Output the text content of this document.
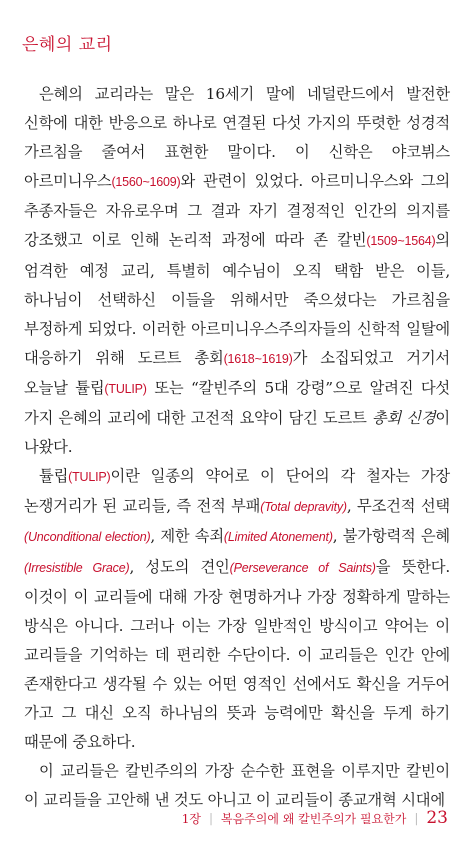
은혜의 교리

은혜의 교리라는 말은 16세기 말에 네덜란드에서 발전한 신학에 대한 반응으로 하나로 연결된 다섯 가지의 뚜렷한 성경적 가르침을 줄여서 표현한 말이다. 이 신학은 야코뷔스 아르미니우스(1560~1609)와 관련이 있었다. 아르미니우스와 그의 추종자들은 자유로우며 그 결과 자기 결정적인 인간의 의지를 강조했고 이로 인해 논리적 과정에 따라 존 칼빈(1509~1564)의 엄격한 예정 교리, 특별히 예수님이 오직 택함 받은 이들, 하나님이 선택하신 이들을 위해서만 죽으셨다는 가르침을 부정하게 되었다. 이러한 아르미니우스주의자들의 신학적 일탈에 대응하기 위해 도르트 총회(1618~1619)가 소집되었고 거기서 오늘날 튤립(TULIP) 또는 “칼빈주의 5대 강령”으로 알려진 다섯 가지 은혜의 교리에 대한 고전적 요약이 담긴 도르트 총회 신경이 나왔다.

튤립(TULIP)이란 일종의 약어로 이 단어의 각 철자는 가장 논쟁거리가 된 교리들, 즉 전적 부패(Total depravity), 무조건적 선택(Unconditional election), 제한 속죄(Limited Atonement), 불가항력적 은혜(Irresistible Grace), 성도의 견인(Perseverance of Saints)을 뜻한다. 이것이 이 교리들에 대해 가장 현명하거나 가장 정확하게 말하는 방식은 아니다. 그러나 이는 가장 일반적인 방식이고 약어는 이 교리들을 기억하는 데 편리한 수단이다. 이 교리들은 인간 안에 존재한다고 생각될 수 있는 어떤 영적인 선에서도 확신을 거두어 가고 그 대신 오직 하나님의 뜻과 능력에만 확신을 두게 하기 때문에 중요하다.

이 교리들은 칼빈주의의 가장 순수한 표현을 이루지만 칼빈이 이 교리들을 고안해 낸 것도 아니고 이 교리들이 종교개혁 시대에

1장 | 복음주의에 왜 칼빈주의가 필요한가 | 23
